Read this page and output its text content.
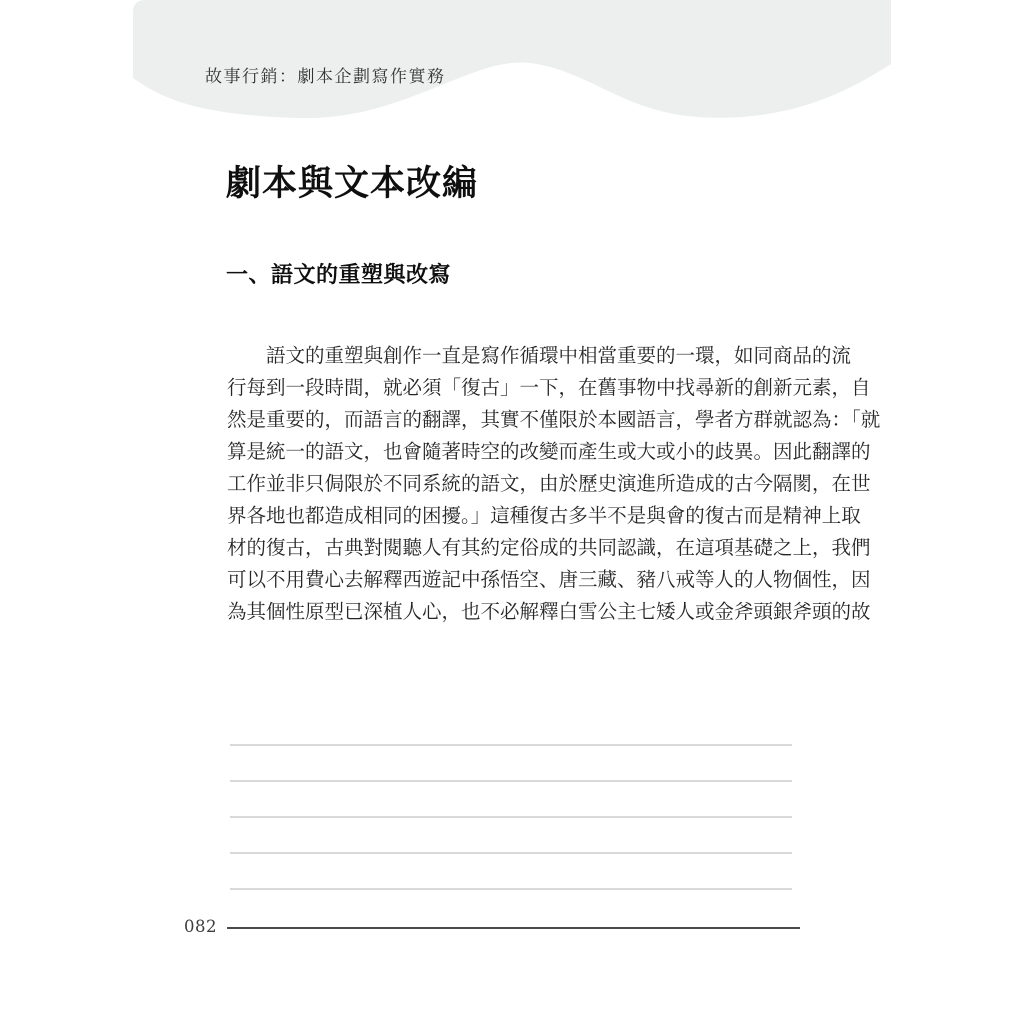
故事行銷：劇本企劃寫作實務
劇本與文本改編
一、語文的重塑與改寫
　　語文的重塑與創作一直是寫作循環中相當重要的一環，如同商品的流
行每到一段時間，就必須「復古」一下，在舊事物中找尋新的創新元素，自
然是重要的，而語言的翻譯，其實不僅限於本國語言，學者方群就認為：「就
算是統一的語文，也會隨著時空的改變而產生或大或小的歧異。因此翻譯的
工作並非只侷限於不同系統的語文，由於歷史演進所造成的古今隔閡，在世
界各地也都造成相同的困擾。」這種復古多半不是與會的復古而是精神上取
材的復古，古典對閱聽人有其約定俗成的共同認識，在這項基礎之上，我們
可以不用費心去解釋西遊記中孫悟空、唐三藏、豬八戒等人的人物個性，因
為其個性原型已深植人心，也不必解釋白雪公主七矮人或金斧頭銀斧頭的故
082
